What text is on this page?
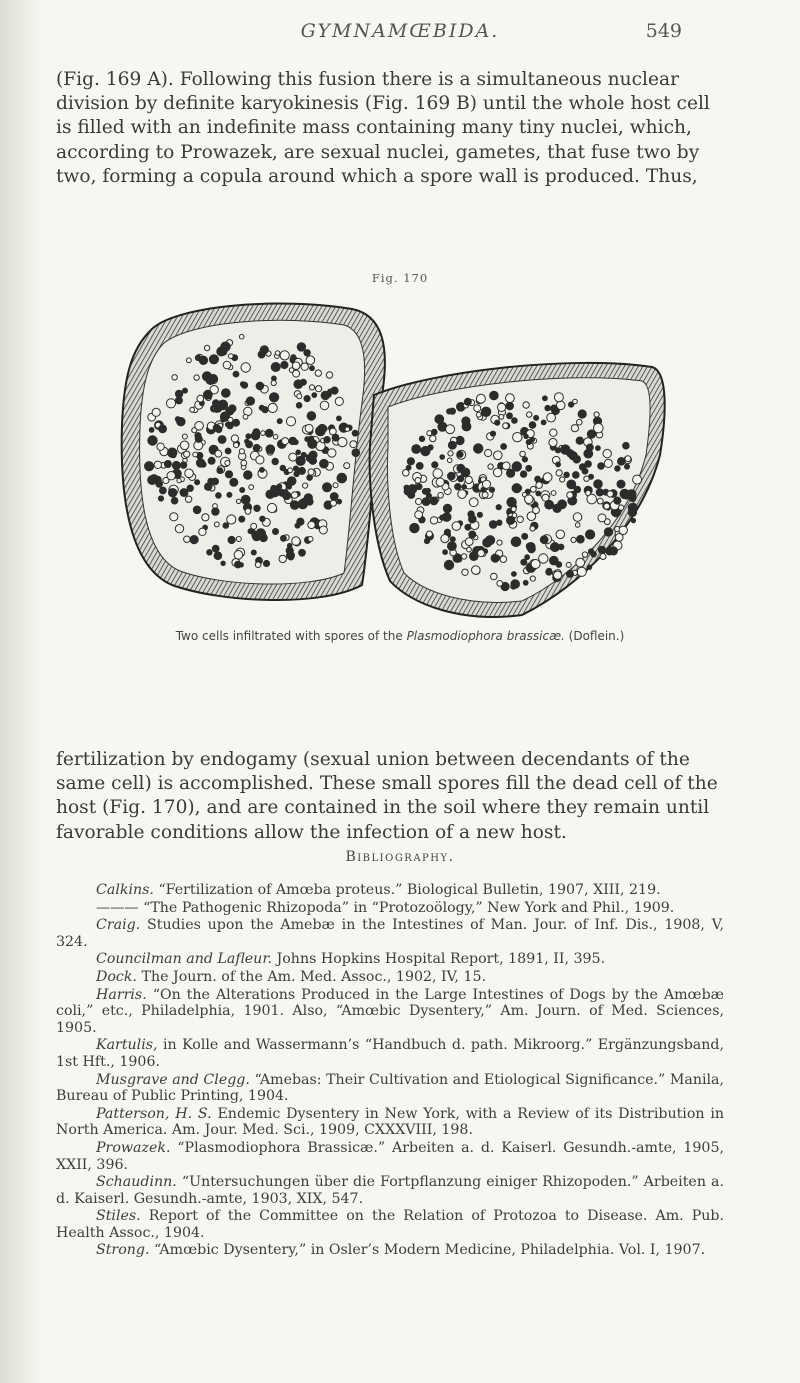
GYMNAMŒBIDA.	549
(Fig. 169 A). Following this fusion there is a simultaneous nuclear division by definite karyokinesis (Fig. 169 B) until the whole host cell is filled with an indefinite mass containing many tiny nuclei, which, according to Prowazek, are sexual nuclei, gametes, that fuse two by two, forming a copula around which a spore wall is produced. Thus,
Fig. 170
Two cells infiltrated with spores of the Plasmodiophora brassicæ. (Doflein.)
fertilization by endogamy (sexual union between decendants of the same cell) is accomplished. These small spores fill the dead cell of the host (Fig. 170), and are contained in the soil where they remain until favorable conditions allow the infection of a new host.
Bibliography.

Calkins. “Fertilization of Amœba proteus.” Biological Bulletin, 1907, XIII, 219.

——— “The Pathogenic Rhizopoda” in “Protozoölogy,” New York and Phil., 1909.

Craig. Studies upon the Amebæ in the Intestines of Man. Jour. of Inf. Dis., 1908, V, 324.

Councilman and Lafleur. Johns Hopkins Hospital Report, 1891, II, 395.

Dock. The Journ. of the Am. Med. Assoc., 1902, IV, 15.

Harris. “On the Alterations Produced in the Large Intestines of Dogs by the Amœbæ coli,” etc., Philadelphia, 1901. Also, “Amœbic Dysentery,” Am. Journ. of Med. Sciences, 1905.

Kartulis, in Kolle and Wassermann’s “Handbuch d. path. Mikroorg.” Ergänzungsband, 1st Hft., 1906.

Musgrave and Clegg. “Amebas: Their Cultivation and Etiological Significance.” Manila, Bureau of Public Printing, 1904.

Patterson, H. S. Endemic Dysentery in New York, with a Review of its Distribution in North America. Am. Jour. Med. Sci., 1909, CXXXVIII, 198.

Prowazek. “Plasmodiophora Brassicæ.” Arbeiten a. d. Kaiserl. Gesundh.-amte, 1905, XXII, 396.

Schaudinn. “Untersuchungen über die Fortpflanzung einiger Rhizopoden.” Arbeiten a. d. Kaiserl. Gesundh.-amte, 1903, XIX, 547.

Stiles. Report of the Committee on the Relation of Protozoa to Disease. Am. Pub. Health Assoc., 1904.

Strong. “Amœbic Dysentery,” in Osler’s Modern Medicine, Philadelphia. Vol. I, 1907.
